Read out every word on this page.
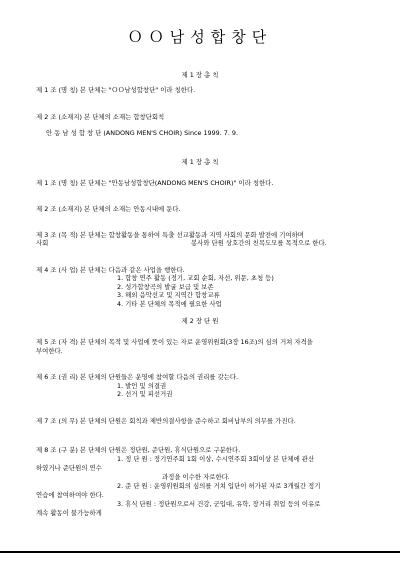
ＯＯ남성합창단
제 1 장 총 칙
제 1 조 (명 칭) 본 단체는 "ＯＯ남성합창단" 이라 칭한다.
제 2 조 (소재지) 본 단체의 소재는 합창단회칙
안 동 남 성 합 창 단 (ANDONG MEN'S CHOIR) Since 1999. 7. 9.
제 1 장 총 칙
제 1 조 (명 칭) 본 단체는 "안동남성합창단(ANDONG MEN'S CHOIR)" 이라 칭한다.
제 2 조 (소재지) 본 단체의 소재는 안동시내에 둔다.
제 3 조 (목 적) 본 단체는 합창활동을 통하여 특출 선교활동과 지역 사회의 문화 발전에 기여하며
사회	봉사와 단원 상호간의 친목도모를 목적으로 한다.
제 4 조 (사 업) 본 단체는 다음과 같은 사업을 행한다.
1. 합창 연주 활동 (정기, 교회 순회, 자선, 위문, 초청 등)
2. 성가합창곡의 발굴 보급 및 보존
3. 해외 음악선교 및 지역간 합창교류
4. 기타 본 단체의 목적에 필요한 사업
제 2 장 단 원
제 5 조 (자 격) 본 단체의 목적 및 사업에 뜻이 있는 자로 운영위원회(3장 16조)의 심의 거쳐 자격을
부여한다.
제 6 조 (권 리) 본 단체의 단원들은 운영에 참여할 다음의 권리를 갖는다.
1. 발언 및 의결권
2. 선거 및 피선거권
제 7 조 (의 무) 본 단체의 단원은 회칙과 제반의결사항을 준수하고 회비납부의 의무를 가진다.
제 8 조 (구 분) 본 단체의 단원은 정단원, 준단원, 휴식단원으로 구분한다.
1. 정 단 원 : 정기연주회 1회 이상, 수시연주회 3회이상 본 단체에 관산
하였거나 준단원의 연수
과정을 이수한 자로한다.
2. 준 단 원 : 운영위원회의 심의를 거쳐 입단이 허가된 자로 3개월간 정기
연습에 참여하여야 한다.
3. 휴식 단원 : 정단원으로서 건강, 군입대, 유학, 장거리 취업 등의 이유로
계속 활동이 불가능하게
